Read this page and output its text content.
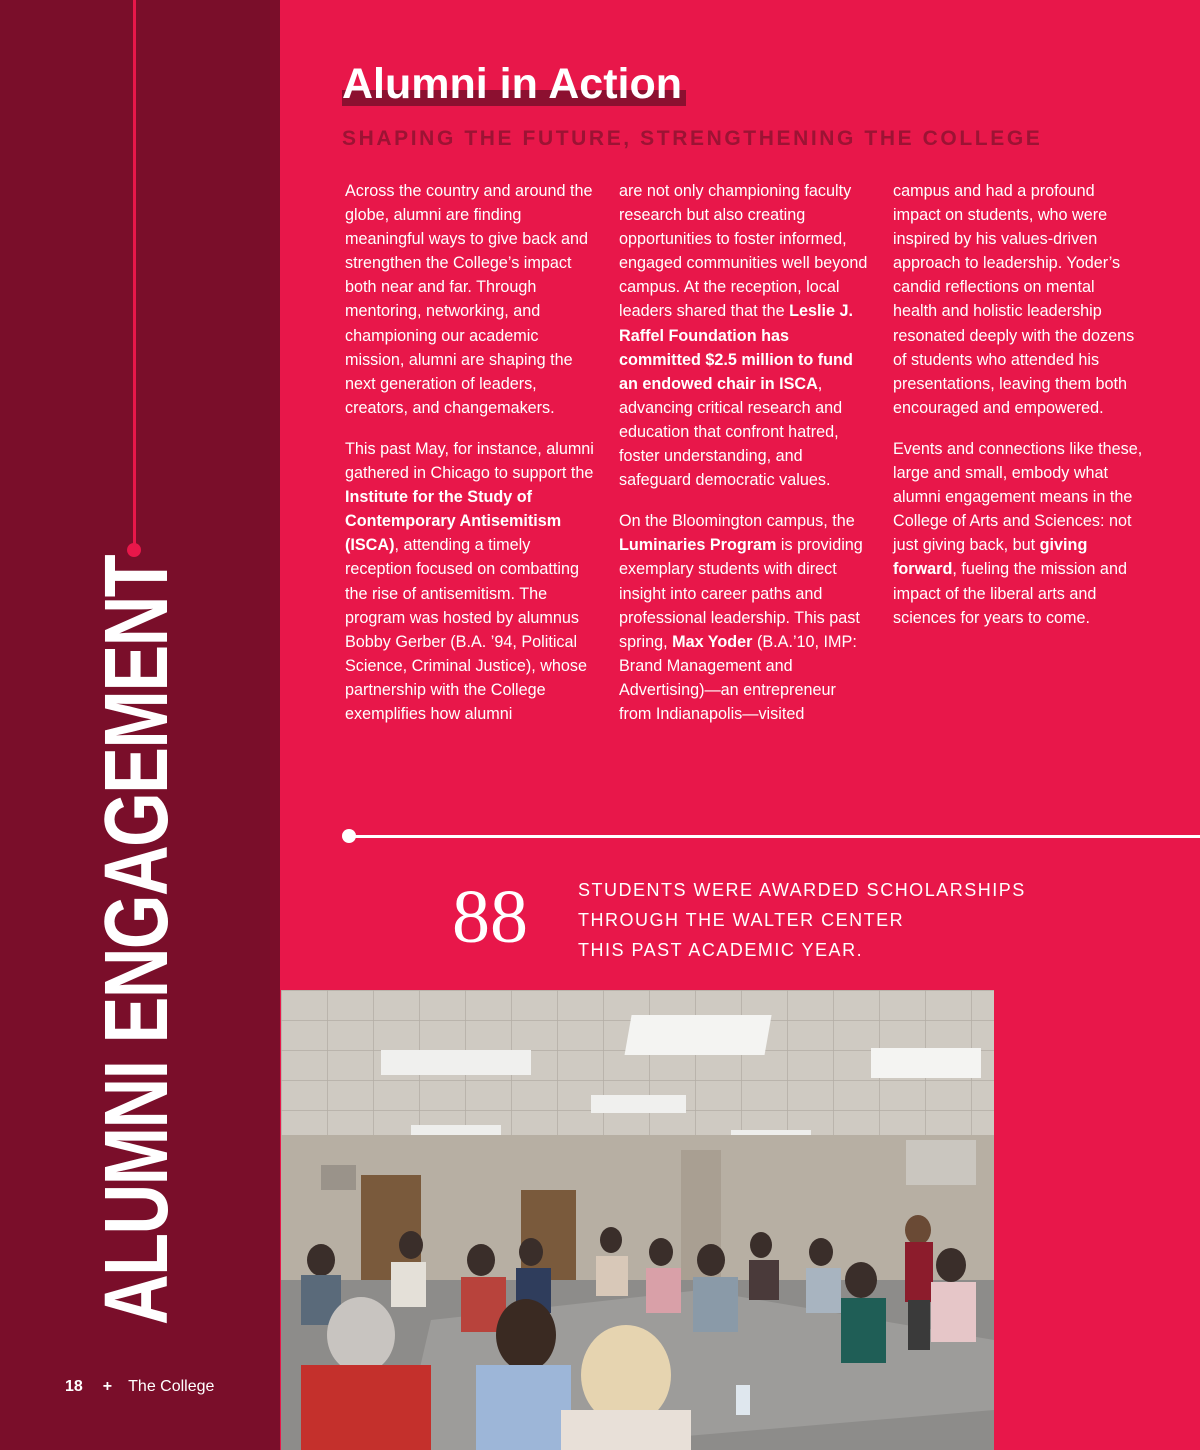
ALUMNI ENGAGEMENT
18 + The College
Alumni in Action
SHAPING THE FUTURE, STRENGTHENING THE COLLEGE

Across the country and around the globe, alumni are finding meaningful ways to give back and strengthen the College’s impact both near and far. Through mentoring, networking, and championing our academic mission, alumni are shaping the next generation of leaders, creators, and changemakers.

This past May, for instance, alumni gathered in Chicago to support the Institute for the Study of Contemporary Antisemitism (ISCA), attending a timely reception focused on combatting the rise of antisemitism. The program was hosted by alumnus Bobby Gerber (B.A. ’94, Political Science, Criminal Justice), whose partnership with the College exemplifies how alumni

are not only championing faculty research but also creating opportunities to foster informed, engaged communities well beyond campus. At the reception, local leaders shared that the Leslie J. Raffel Foundation has committed $2.5 million to fund an endowed chair in ISCA, advancing critical research and education that confront hatred, foster understanding, and safeguard democratic values.

On the Bloomington campus, the Luminaries Program is providing exemplary students with direct insight into career paths and professional leadership. This past spring, Max Yoder (B.A.’10, IMP: Brand Management and Advertising)—an entrepreneur from Indianapolis—visited

campus and had a profound impact on students, who were inspired by his values-driven approach to leadership. Yoder’s candid reflections on mental health and holistic leadership resonated deeply with the dozens of students who attended his presentations, leaving them both encouraged and empowered.

Events and connections like these, large and small, embody what alumni engagement means in the College of Arts and Sciences: not just giving back, but giving forward, fueling the mission and impact of the liberal arts and sciences for years to come.

88	STUDENTS WERE AWARDED SCHOLARSHIPS
THROUGH THE WALTER CENTER
THIS PAST ACADEMIC YEAR.
